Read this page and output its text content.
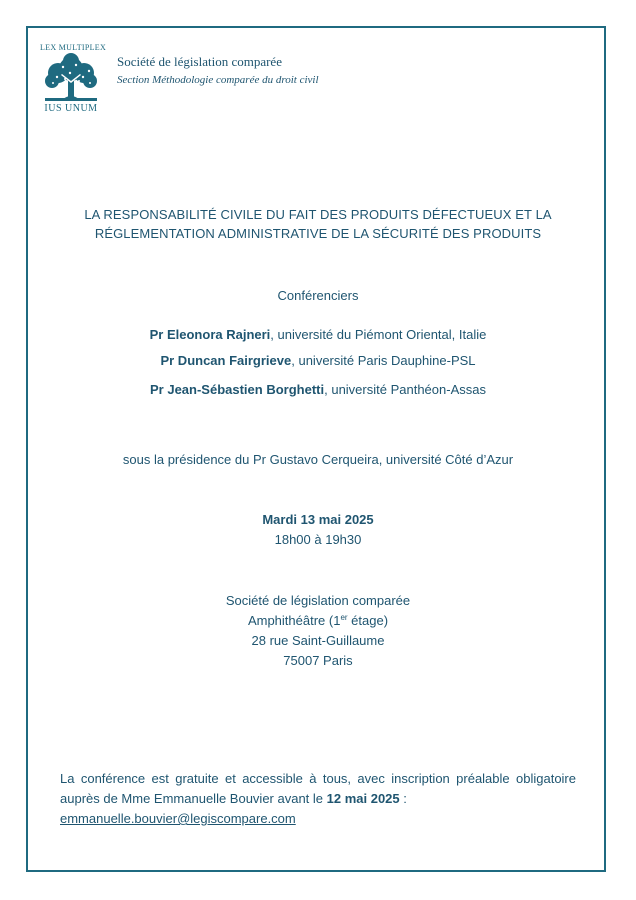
LEX MULTIPLEX
IUS UNUM
Société de législation comparée
Section Méthodologie comparée du droit civil
LA RESPONSABILITÉ CIVILE DU FAIT DES PRODUITS DÉFECTUEUX ET LA
RÉGLEMENTATION ADMINISTRATIVE DE LA SÉCURITÉ DES PRODUITS
Conférenciers
Pr Eleonora Rajneri, université du Piémont Oriental, Italie
Pr Duncan Fairgrieve, université Paris Dauphine-PSL
Pr Jean-Sébastien Borghetti, université Panthéon-Assas
sous la présidence du Pr Gustavo Cerqueira, université Côté d’Azur
Mardi 13 mai 2025
18h00 à 19h30
Société de législation comparée
Amphithéâtre (1er étage)
28 rue Saint-Guillaume
75007 Paris
La conférence est gratuite et accessible à tous, avec inscription préalable obligatoire auprès de Mme Emmanuelle Bouvier avant le 12 mai 2025 :
emmanuelle.bouvier@legiscompare.com
